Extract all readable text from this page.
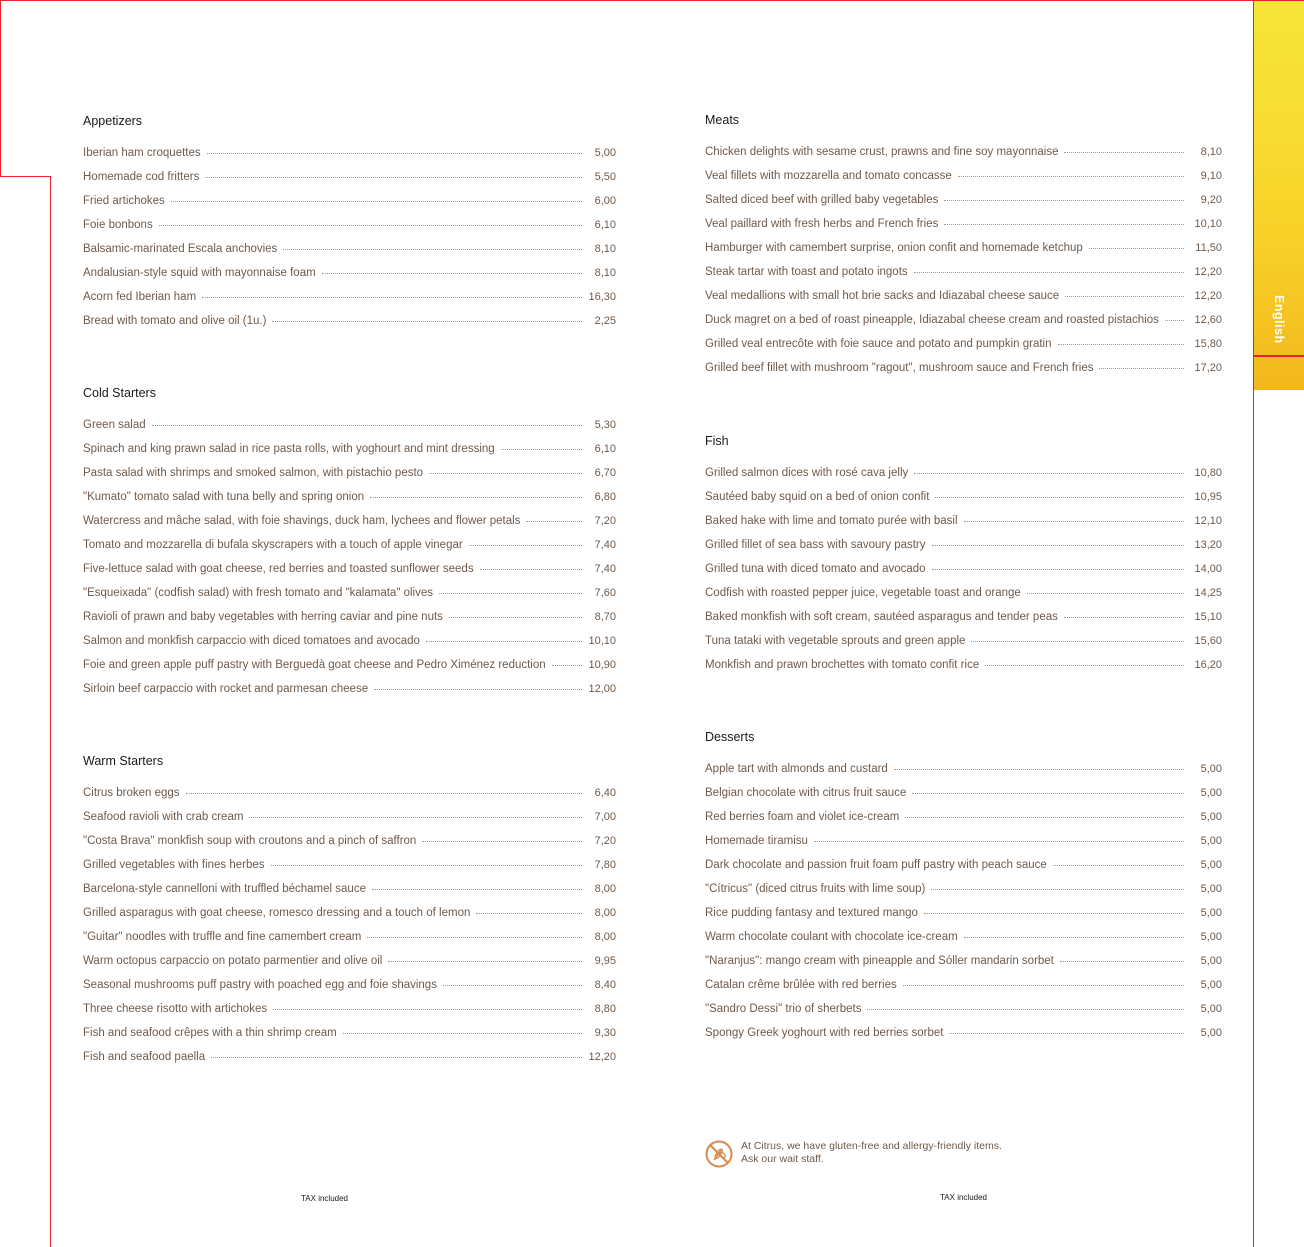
English
Appetizers
Iberian ham croquettes	5,00
Homemade cod fritters	5,50
Fried artichokes	6,00
Foie bonbons	6,10
Balsamic-marinated Escala anchovies	8,10
Andalusian-style squid with mayonnaise foam	8,10
Acorn fed Iberian ham	16,30
Bread with tomato and olive oil (1u.)	2,25
Cold Starters
Green salad	5,30
Spinach and king prawn salad in rice pasta rolls, with yoghourt and mint dressing	6,10
Pasta salad with shrimps and smoked salmon, with pistachio pesto	6,70
"Kumato" tomato salad with tuna belly and spring onion	6,80
Watercress and mâche salad, with foie shavings, duck ham, lychees and flower petals	7,20
Tomato and mozzarella di bufala skyscrapers with a touch of apple vinegar	7,40
Five-lettuce salad with goat cheese, red berries and toasted sunflower seeds	7,40
"Esqueixada" (codfish salad) with fresh tomato and "kalamata" olives	7,60
Ravioli of prawn and baby vegetables with herring caviar and pine nuts	8,70
Salmon and monkfish carpaccio with diced tomatoes and avocado	10,10
Foie and green apple puff pastry with Berguedà goat cheese and Pedro Ximénez reduction	10,90
Sirloin beef carpaccio with rocket and parmesan cheese	12,00
Warm Starters
Citrus broken eggs	6,40
Seafood ravioli with crab cream	7,00
"Costa Brava" monkfish soup with croutons and a pinch of saffron	7,20
Grilled vegetables with fines herbes	7,80
Barcelona-style cannelloni with truffled béchamel sauce	8,00
Grilled asparagus with goat cheese, romesco dressing and a touch of lemon	8,00
"Guitar" noodles with truffle and fine camembert cream	8,00
Warm octopus carpaccio on potato parmentier and olive oil	9,95
Seasonal mushrooms puff pastry with poached egg and foie shavings	8,40
Three cheese risotto with artichokes	8,80
Fish and seafood crêpes with a thin shrimp cream	9,30
Fish and seafood paella	12,20
Meats
Chicken delights with sesame crust, prawns and fine soy mayonnaise	8,10
Veal fillets with mozzarella and tomato concasse	9,10
Salted diced beef with grilled baby vegetables	9,20
Veal paillard with fresh herbs and French fries	10,10
Hamburger with camembert surprise, onion confit and homemade ketchup	11,50
Steak tartar with toast and potato ingots	12,20
Veal medallions with small hot brie sacks and Idiazabal cheese sauce	12,20
Duck magret on a bed of roast pineapple, Idiazabal cheese cream and roasted pistachios	12,60
Grilled veal entrecôte with foie sauce and potato and pumpkin gratin	15,80
Grilled beef fillet with mushroom "ragout", mushroom sauce and French fries	17,20
Fish
Grilled salmon dices with rosé cava jelly	10,80
Sautéed baby squid on a bed of onion confit	10,95
Baked hake with lime and tomato purée with basil	12,10
Grilled fillet of sea bass with savoury pastry	13,20
Grilled tuna with diced tomato and avocado	14,00
Codfish with roasted pepper juice, vegetable toast and orange	14,25
Baked monkfish with soft cream, sautéed asparagus and tender peas	15,10
Tuna tataki with vegetable sprouts and green apple	15,60
Monkfish and prawn brochettes with tomato confit rice	16,20
Desserts
Apple tart with almonds and custard	5,00
Belgian chocolate with citrus fruit sauce	5,00
Red berries foam and violet ice-cream	5,00
Homemade tiramisu	5,00
Dark chocolate and passion fruit foam puff pastry with peach sauce	5,00
"Cítricus" (diced citrus fruits with lime soup)	5,00
Rice pudding fantasy and textured mango	5,00
Warm chocolate coulant with chocolate ice-cream	5,00
"Naranjus": mango cream with pineapple and Sóller mandarin sorbet	5,00
Catalan crême brûlée with red berries	5,00
"Sandro Dessi" trio of sherbets	5,00
Spongy Greek yoghourt with red berries sorbet	5,00
At Citrus, we have gluten-free and allergy-friendly items.
Ask our wait staff.
TAX included	TAX included
